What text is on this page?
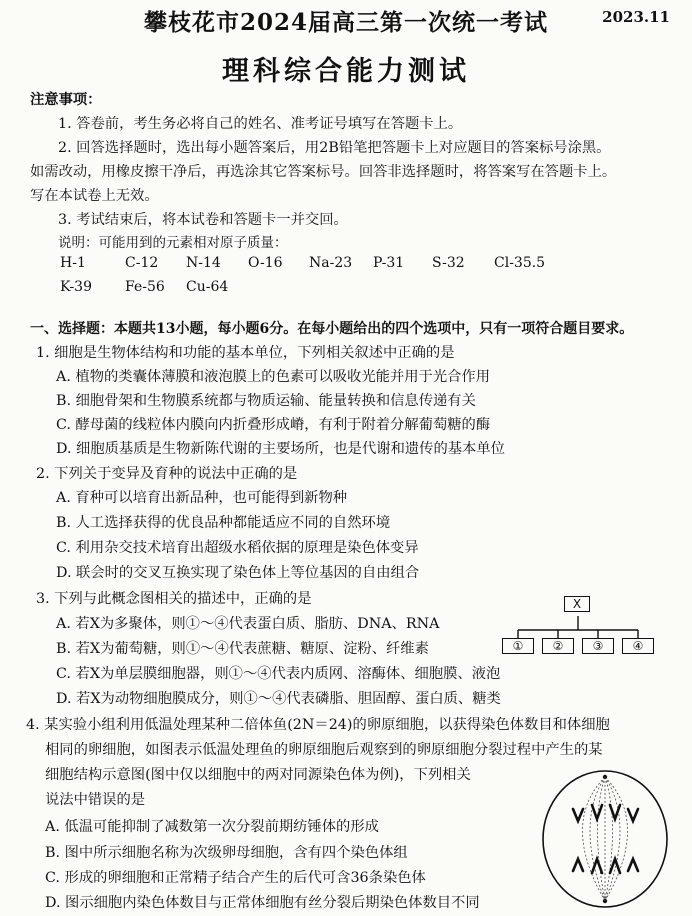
攀枝花市2024届高三第一次统一考试	2023.11
理科综合能力测试
注意事项：
1. 答卷前，考生务必将自己的姓名、准考证号填写在答题卡上。
2. 回答选择题时，选出每小题答案后，用2B铅笔把答题卡上对应题目的答案标号涂黑。
如需改动，用橡皮擦干净后，再选涂其它答案标号。回答非选择题时，将答案写在答题卡上。
写在本试卷上无效。
3. 考试结束后，将本试卷和答题卡一并交回。
说明：可能用到的元素相对原子质量：
H-1	C-12 N-14 O-16 Na-23 P-31 S-32 Cl-35.5
K-39 Fe-56 Cu-64
一、选择题：本题共13小题，每小题6分。在每小题给出的四个选项中，只有一项符合题目要求。
1. 细胞是生物体结构和功能的基本单位，下列相关叙述中正确的是
A. 植物的类囊体薄膜和液泡膜上的色素可以吸收光能并用于光合作用
B. 细胞骨架和生物膜系统都与物质运输、能量转换和信息传递有关
C. 酵母菌的线粒体内膜向内折叠形成嵴，有利于附着分解葡萄糖的酶
D. 细胞质基质是生物新陈代谢的主要场所，也是代谢和遗传的基本单位
2. 下列关于变异及育种的说法中正确的是
A. 育种可以培育出新品种，也可能得到新物种
B. 人工选择获得的优良品种都能适应不同的自然环境
C. 利用杂交技术培育出超级水稻依据的原理是染色体变异
D. 联会时的交叉互换实现了染色体上等位基因的自由组合
3. 下列与此概念图相关的描述中，正确的是
A. 若X为多聚体，则①～④代表蛋白质、脂肪、DNA、RNA
B. 若X为葡萄糖，则①～④代表蔗糖、糖原、淀粉、纤维素
C. 若X为单层膜细胞器，则①～④代表内质网、溶酶体、细胞膜、液泡
D. 若X为动物细胞膜成分，则①～④代表磷脂、胆固醇、蛋白质、糖类
X
①	②	③	④
4. 某实验小组利用低温处理某种二倍体鱼(2N＝24)的卵原细胞，以获得染色体数目和体细胞
相同的卵细胞，如图表示低温处理鱼的卵原细胞后观察到的卵原细胞分裂过程中产生的某
细胞结构示意图(图中仅以细胞中的两对同源染色体为例)，下列相关
说法中错误的是
A. 低温可能抑制了减数第一次分裂前期纺锤体的形成
B. 图中所示细胞名称为次级卵母细胞，含有四个染色体组
C. 形成的卵细胞和正常精子结合产生的后代可含36条染色体
D. 图示细胞内染色体数目与正常体细胞有丝分裂后期染色体数目不同
